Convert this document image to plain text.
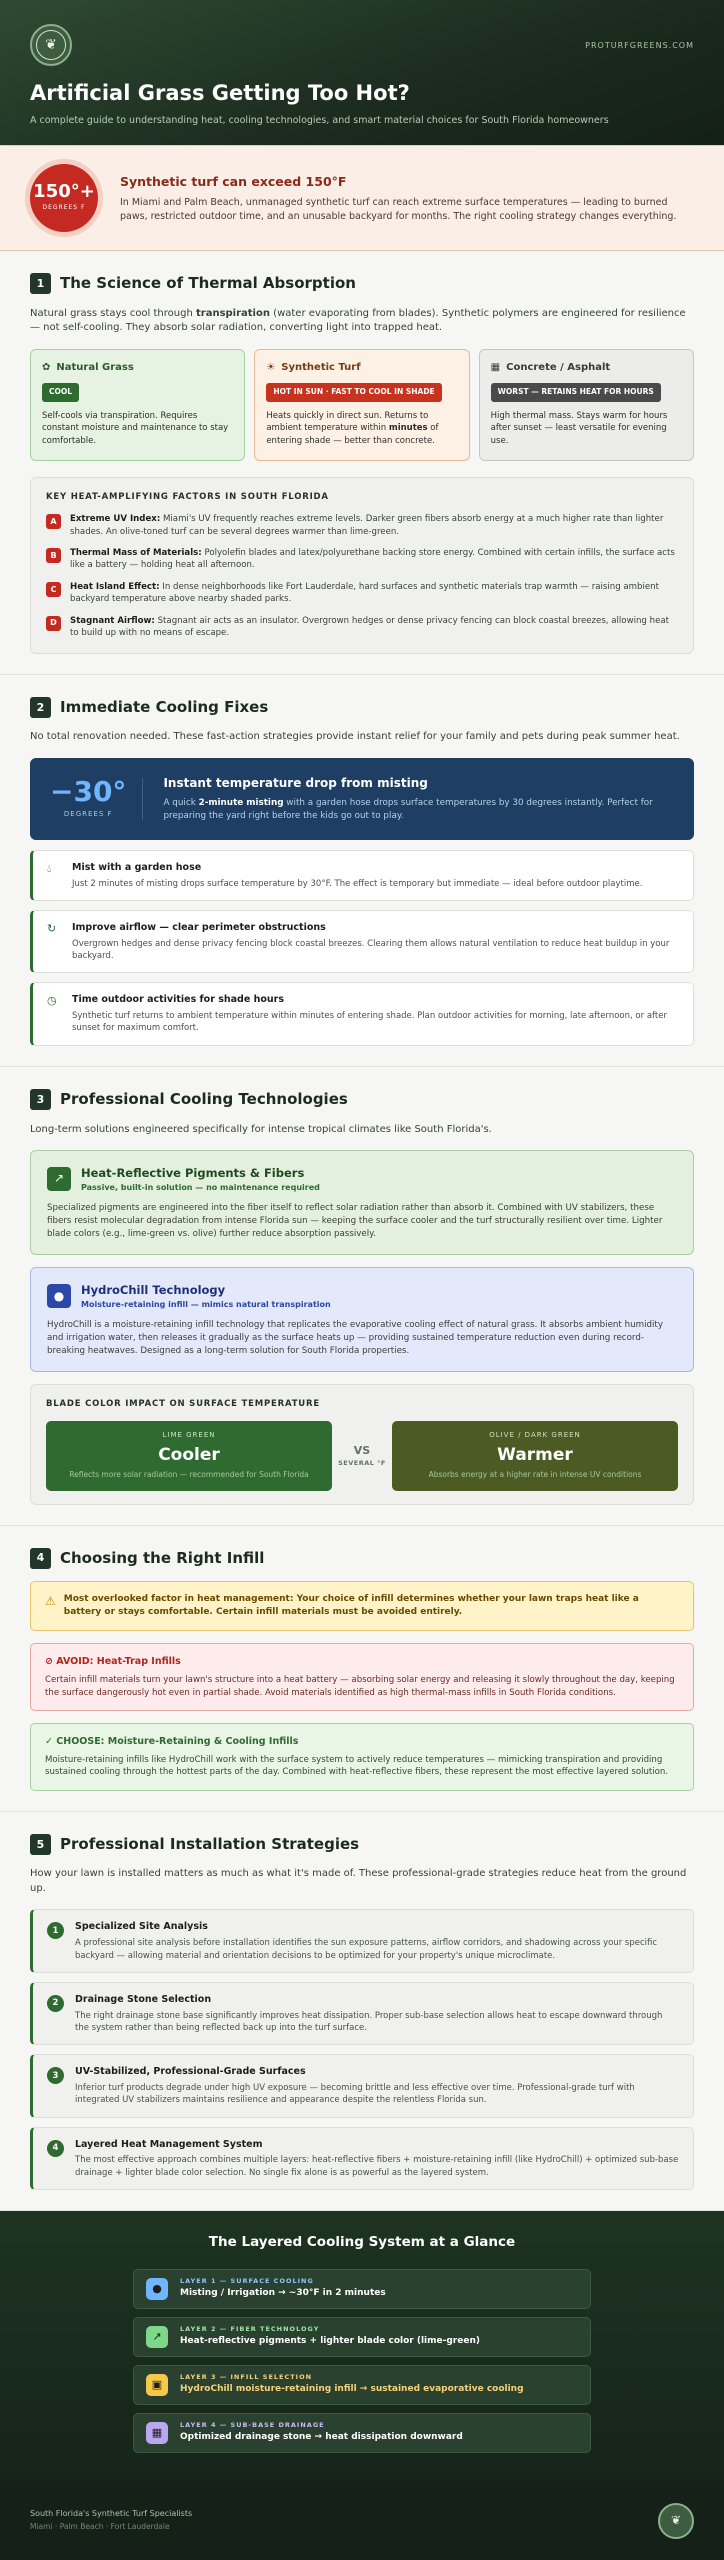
❦	PROTURFGREENS.COM
Artificial Grass Getting Too Hot?
A complete guide to understanding heat, cooling technologies, and smart material choices for South Florida homeowners
150°+
DEGREES F
Synthetic turf can exceed 150°F

In Miami and Palm Beach, unmanaged synthetic turf can reach extreme surface temperatures — leading to burned paws, restricted outdoor time, and an unusable backyard for months. The right cooling strategy changes everything.

1	The Science of Thermal Absorption

Natural grass stays cool through transpiration (water evaporating from blades). Synthetic polymers are engineered for resilience — not self-cooling. They absorb solar radiation, converting light into trapped heat.

✿ Natural Grass
COOL

Self-cools via transpiration. Requires constant moisture and maintenance to stay comfortable.

☀ Synthetic Turf
HOT IN SUN · FAST TO COOL IN SHADE

Heats quickly in direct sun. Returns to ambient temperature within minutes of entering shade — better than concrete.

▦ Concrete / Asphalt
WORST — RETAINS HEAT FOR HOURS

High thermal mass. Stays warm for hours after sunset — least versatile for evening use.

KEY HEAT-AMPLIFYING FACTORS IN SOUTH FLORIDA
A	Extreme UV Index: Miami's UV frequently reaches extreme levels. Darker green fibers absorb energy at a much higher rate than lighter shades. An olive-toned turf can be several degrees warmer than lime-green.

B	Thermal Mass of Materials: Polyolefin blades and latex/polyurethane backing store energy. Combined with certain infills, the surface acts like a battery — holding heat all afternoon.

C	Heat Island Effect: In dense neighborhoods like Fort Lauderdale, hard surfaces and synthetic materials trap warmth — raising ambient backyard temperature above nearby shaded parks.

D	Stagnant Airflow: Stagnant air acts as an insulator. Overgrown hedges or dense privacy fencing can block coastal breezes, allowing heat to build up with no means of escape.

2	Immediate Cooling Fixes

No total renovation needed. These fast-action strategies provide instant relief for your family and pets during peak summer heat.

−30°
DEGREES F
Instant temperature drop from misting

A quick 2-minute misting with a garden hose drops surface temperatures by 30 degrees instantly. Perfect for preparing the yard right before the kids go out to play.

💧︎	Mist with a garden hose

Just 2 minutes of misting drops surface temperature by 30°F. The effect is temporary but immediate — ideal before outdoor playtime.

↻	Improve airflow — clear perimeter obstructions

Overgrown hedges and dense privacy fencing block coastal breezes. Clearing them allows natural ventilation to reduce heat buildup in your backyard.

◷	Time outdoor activities for shade hours

Synthetic turf returns to ambient temperature within minutes of entering shade. Plan outdoor activities for morning, late afternoon, or after sunset for maximum comfort.

3	Professional Cooling Technologies

Long-term solutions engineered specifically for intense tropical climates like South Florida's.

↗	Heat-Reflective Pigments & Fibers
Passive, built-in solution — no maintenance required

Specialized pigments are engineered into the fiber itself to reflect solar radiation rather than absorb it. Combined with UV stabilizers, these fibers resist molecular degradation from intense Florida sun — keeping the surface cooler and the turf structurally resilient over time. Lighter blade colors (e.g., lime-green vs. olive) further reduce absorption passively.

●	HydroChill Technology
Moisture-retaining infill — mimics natural transpiration

HydroChill is a moisture-retaining infill technology that replicates the evaporative cooling effect of natural grass. It absorbs ambient humidity and irrigation water, then releases it gradually as the surface heats up — providing sustained temperature reduction even during record-breaking heatwaves. Designed as a long-term solution for South Florida properties.

BLADE COLOR IMPACT ON SURFACE TEMPERATURE
LIME GREEN
Cooler
Reflects more solar radiation — recommended for South Florida
VS
SEVERAL °F
OLIVE / DARK GREEN
Warmer
Absorbs energy at a higher rate in intense UV conditions
4	Choosing the Right Infill
⚠ Most overlooked factor in heat management: Your choice of infill determines whether your lawn traps heat like a battery or stays comfortable. Certain infill materials must be avoided entirely.

⊘ AVOID: Heat-Trap Infills

Certain infill materials turn your lawn's structure into a heat battery — absorbing solar energy and releasing it slowly throughout the day, keeping the surface dangerously hot even in partial shade. Avoid materials identified as high thermal-mass infills in South Florida conditions.

✓ CHOOSE: Moisture-Retaining & Cooling Infills

Moisture-retaining infills like HydroChill work with the surface system to actively reduce temperatures — mimicking transpiration and providing sustained cooling through the hottest parts of the day. Combined with heat-reflective fibers, these represent the most effective layered solution.

5	Professional Installation Strategies

How your lawn is installed matters as much as what it's made of. These professional-grade strategies reduce heat from the ground up.

1	Specialized Site Analysis

A professional site analysis before installation identifies the sun exposure patterns, airflow corridors, and shadowing across your specific backyard — allowing material and orientation decisions to be optimized for your property's unique microclimate.

2	Drainage Stone Selection

The right drainage stone base significantly improves heat dissipation. Proper sub-base selection allows heat to escape downward through the system rather than being reflected back up into the turf surface.

3	UV-Stabilized, Professional-Grade Surfaces

Inferior turf products degrade under high UV exposure — becoming brittle and less effective over time. Professional-grade turf with integrated UV stabilizers maintains resilience and appearance despite the relentless Florida sun.

4	Layered Heat Management System

The most effective approach combines multiple layers: heat-reflective fibers + moisture-retaining infill (like HydroChill) + optimized sub-base drainage + lighter blade color selection. No single fix alone is as powerful as the layered system.

The Layered Cooling System at a Glance
●
LAYER 1 — SURFACE COOLING
Misting / Irrigation → ~30°F in 2 minutes
↗
LAYER 2 — FIBER TECHNOLOGY
Heat-reflective pigments + lighter blade color (lime-green)
▣
LAYER 3 — INFILL SELECTION
HydroChill moisture-retaining infill → sustained evaporative cooling
▦
LAYER 4 — SUB-BASE DRAINAGE
Optimized drainage stone → heat dissipation downward
South Florida's Synthetic Turf Specialists
Miami · Palm Beach · Fort Lauderdale
❦
